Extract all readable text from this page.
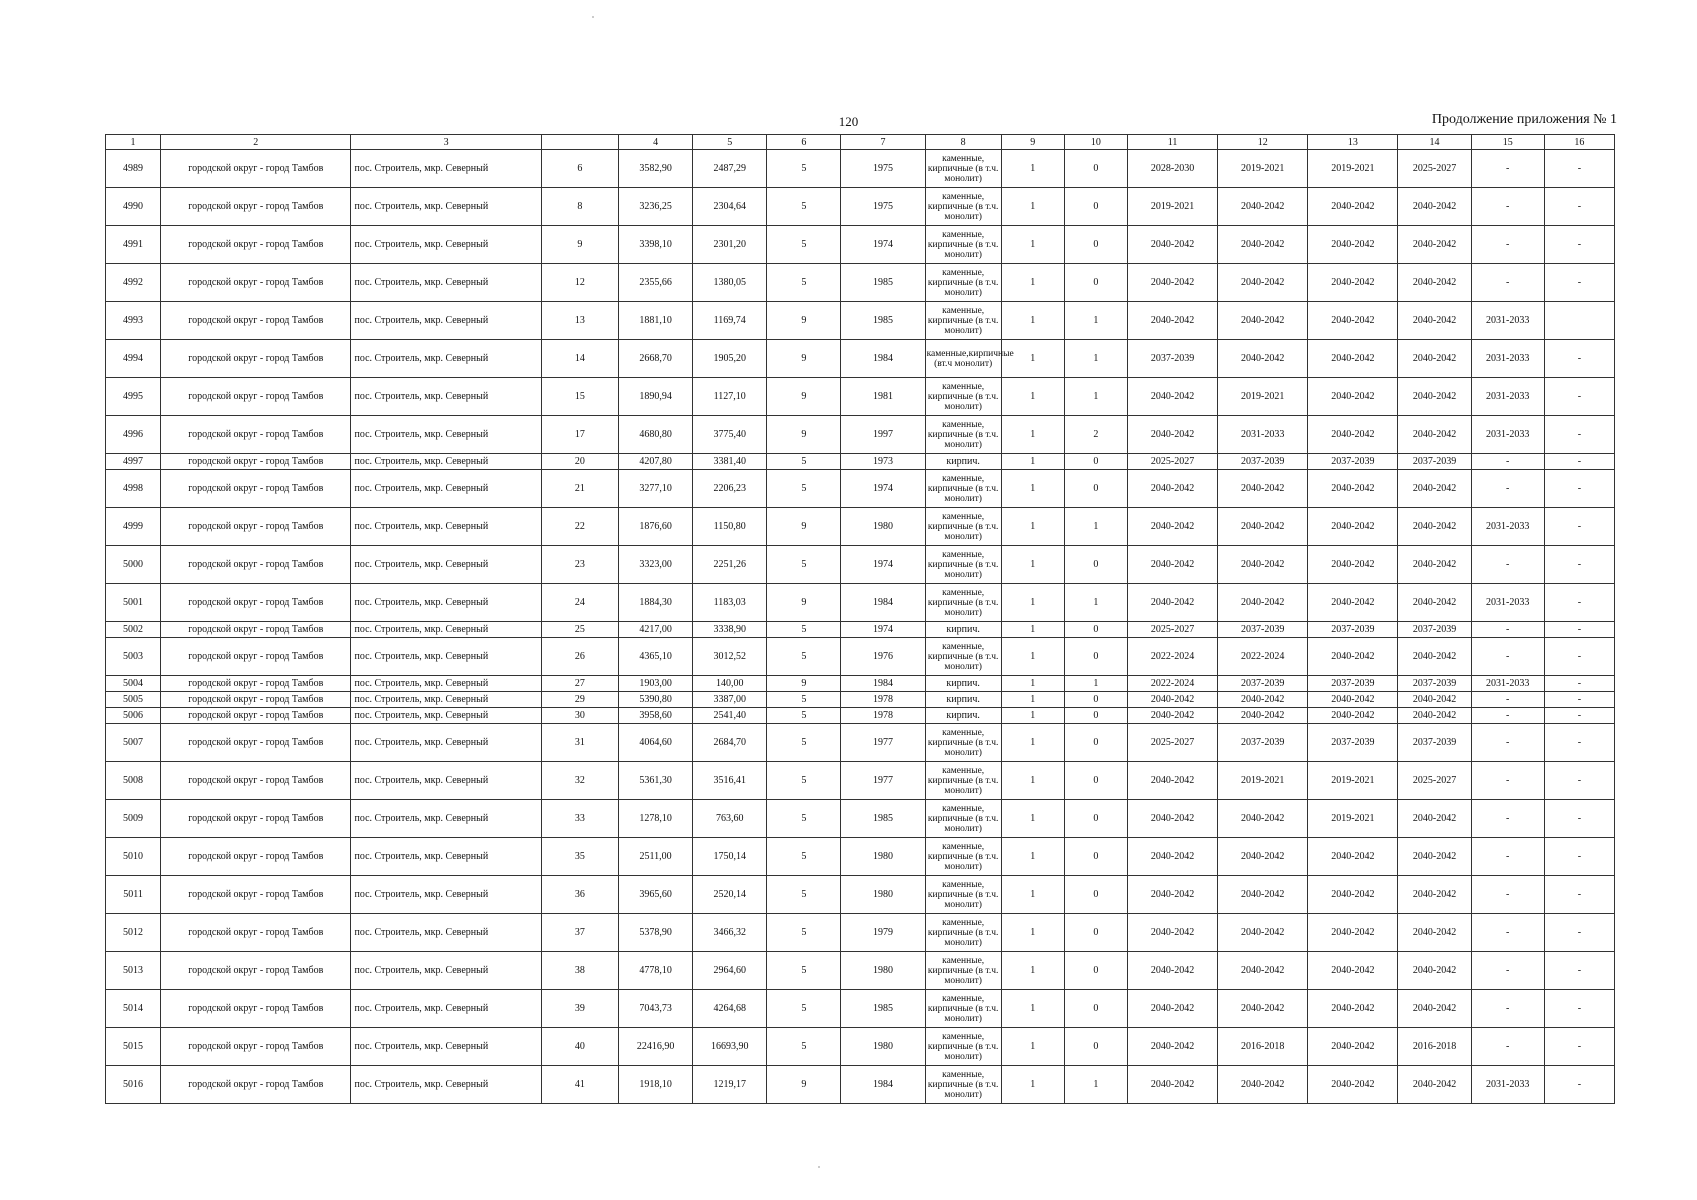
120	Продолжение приложения № 1
1	2	3		4	5	6	7	8	9	10	11	12	13	14	15	16
4989	городской округ - город Тамбов	пос. Строитель, мкр. Северный	6	3582,90	2487,29	5	1975	каменные, кирпичные (в т.ч. монолит)	1	0	2028-2030	2019-2021	2019-2021	2025-2027	-	-
4990	городской округ - город Тамбов	пос. Строитель, мкр. Северный	8	3236,25	2304,64	5	1975	каменные, кирпичные (в т.ч. монолит)	1	0	2019-2021	2040-2042	2040-2042	2040-2042	-	-
4991	городской округ - город Тамбов	пос. Строитель, мкр. Северный	9	3398,10	2301,20	5	1974	каменные, кирпичные (в т.ч. монолит)	1	0	2040-2042	2040-2042	2040-2042	2040-2042	-	-
4992	городской округ - город Тамбов	пос. Строитель, мкр. Северный	12	2355,66	1380,05	5	1985	каменные, кирпичные (в т.ч. монолит)	1	0	2040-2042	2040-2042	2040-2042	2040-2042	-	-
4993	городской округ - город Тамбов	пос. Строитель, мкр. Северный	13	1881,10	1169,74	9	1985	каменные, кирпичные (в т.ч. монолит)	1	1	2040-2042	2040-2042	2040-2042	2040-2042	2031-2033	
4994	городской округ - город Тамбов	пос. Строитель, мкр. Северный	14	2668,70	1905,20	9	1984	каменные,кирпичные (вт.ч монолит)	1	1	2037-2039	2040-2042	2040-2042	2040-2042	2031-2033	-
4995	городской округ - город Тамбов	пос. Строитель, мкр. Северный	15	1890,94	1127,10	9	1981	каменные, кирпичные (в т.ч. монолит)	1	1	2040-2042	2019-2021	2040-2042	2040-2042	2031-2033	-
4996	городской округ - город Тамбов	пос. Строитель, мкр. Северный	17	4680,80	3775,40	9	1997	каменные, кирпичные (в т.ч. монолит)	1	2	2040-2042	2031-2033	2040-2042	2040-2042	2031-2033	-
4997	городской округ - город Тамбов	пос. Строитель, мкр. Северный	20	4207,80	3381,40	5	1973	кирпич.	1	0	2025-2027	2037-2039	2037-2039	2037-2039	-	-
4998	городской округ - город Тамбов	пос. Строитель, мкр. Северный	21	3277,10	2206,23	5	1974	каменные, кирпичные (в т.ч. монолит)	1	0	2040-2042	2040-2042	2040-2042	2040-2042	-	-
4999	городской округ - город Тамбов	пос. Строитель, мкр. Северный	22	1876,60	1150,80	9	1980	каменные, кирпичные (в т.ч. монолит)	1	1	2040-2042	2040-2042	2040-2042	2040-2042	2031-2033	-
5000	городской округ - город Тамбов	пос. Строитель, мкр. Северный	23	3323,00	2251,26	5	1974	каменные, кирпичные (в т.ч. монолит)	1	0	2040-2042	2040-2042	2040-2042	2040-2042	-	-
5001	городской округ - город Тамбов	пос. Строитель, мкр. Северный	24	1884,30	1183,03	9	1984	каменные, кирпичные (в т.ч. монолит)	1	1	2040-2042	2040-2042	2040-2042	2040-2042	2031-2033	-
5002	городской округ - город Тамбов	пос. Строитель, мкр. Северный	25	4217,00	3338,90	5	1974	кирпич.	1	0	2025-2027	2037-2039	2037-2039	2037-2039	-	-
5003	городской округ - город Тамбов	пос. Строитель, мкр. Северный	26	4365,10	3012,52	5	1976	каменные, кирпичные (в т.ч. монолит)	1	0	2022-2024	2022-2024	2040-2042	2040-2042	-	-
5004	городской округ - город Тамбов	пос. Строитель, мкр. Северный	27	1903,00	140,00	9	1984	кирпич.	1	1	2022-2024	2037-2039	2037-2039	2037-2039	2031-2033	-
5005	городской округ - город Тамбов	пос. Строитель, мкр. Северный	29	5390,80	3387,00	5	1978	кирпич.	1	0	2040-2042	2040-2042	2040-2042	2040-2042	-	-
5006	городской округ - город Тамбов	пос. Строитель, мкр. Северный	30	3958,60	2541,40	5	1978	кирпич.	1	0	2040-2042	2040-2042	2040-2042	2040-2042	-	-
5007	городской округ - город Тамбов	пос. Строитель, мкр. Северный	31	4064,60	2684,70	5	1977	каменные, кирпичные (в т.ч. монолит)	1	0	2025-2027	2037-2039	2037-2039	2037-2039	-	-
5008	городской округ - город Тамбов	пос. Строитель, мкр. Северный	32	5361,30	3516,41	5	1977	каменные, кирпичные (в т.ч. монолит)	1	0	2040-2042	2019-2021	2019-2021	2025-2027	-	-
5009	городской округ - город Тамбов	пос. Строитель, мкр. Северный	33	1278,10	763,60	5	1985	каменные, кирпичные (в т.ч. монолит)	1	0	2040-2042	2040-2042	2019-2021	2040-2042	-	-
5010	городской округ - город Тамбов	пос. Строитель, мкр. Северный	35	2511,00	1750,14	5	1980	каменные, кирпичные (в т.ч. монолит)	1	0	2040-2042	2040-2042	2040-2042	2040-2042	-	-
5011	городской округ - город Тамбов	пос. Строитель, мкр. Северный	36	3965,60	2520,14	5	1980	каменные, кирпичные (в т.ч. монолит)	1	0	2040-2042	2040-2042	2040-2042	2040-2042	-	-
5012	городской округ - город Тамбов	пос. Строитель, мкр. Северный	37	5378,90	3466,32	5	1979	каменные, кирпичные (в т.ч. монолит)	1	0	2040-2042	2040-2042	2040-2042	2040-2042	-	-
5013	городской округ - город Тамбов	пос. Строитель, мкр. Северный	38	4778,10	2964,60	5	1980	каменные, кирпичные (в т.ч. монолит)	1	0	2040-2042	2040-2042	2040-2042	2040-2042	-	-
5014	городской округ - город Тамбов	пос. Строитель, мкр. Северный	39	7043,73	4264,68	5	1985	каменные, кирпичные (в т.ч. монолит)	1	0	2040-2042	2040-2042	2040-2042	2040-2042	-	-
5015	городской округ - город Тамбов	пос. Строитель, мкр. Северный	40	22416,90	16693,90	5	1980	каменные, кирпичные (в т.ч. монолит)	1	0	2040-2042	2016-2018	2040-2042	2016-2018	-	-
5016	городской округ - город Тамбов	пос. Строитель, мкр. Северный	41	1918,10	1219,17	9	1984	каменные, кирпичные (в т.ч. монолит)	1	1	2040-2042	2040-2042	2040-2042	2040-2042	2031-2033	-
